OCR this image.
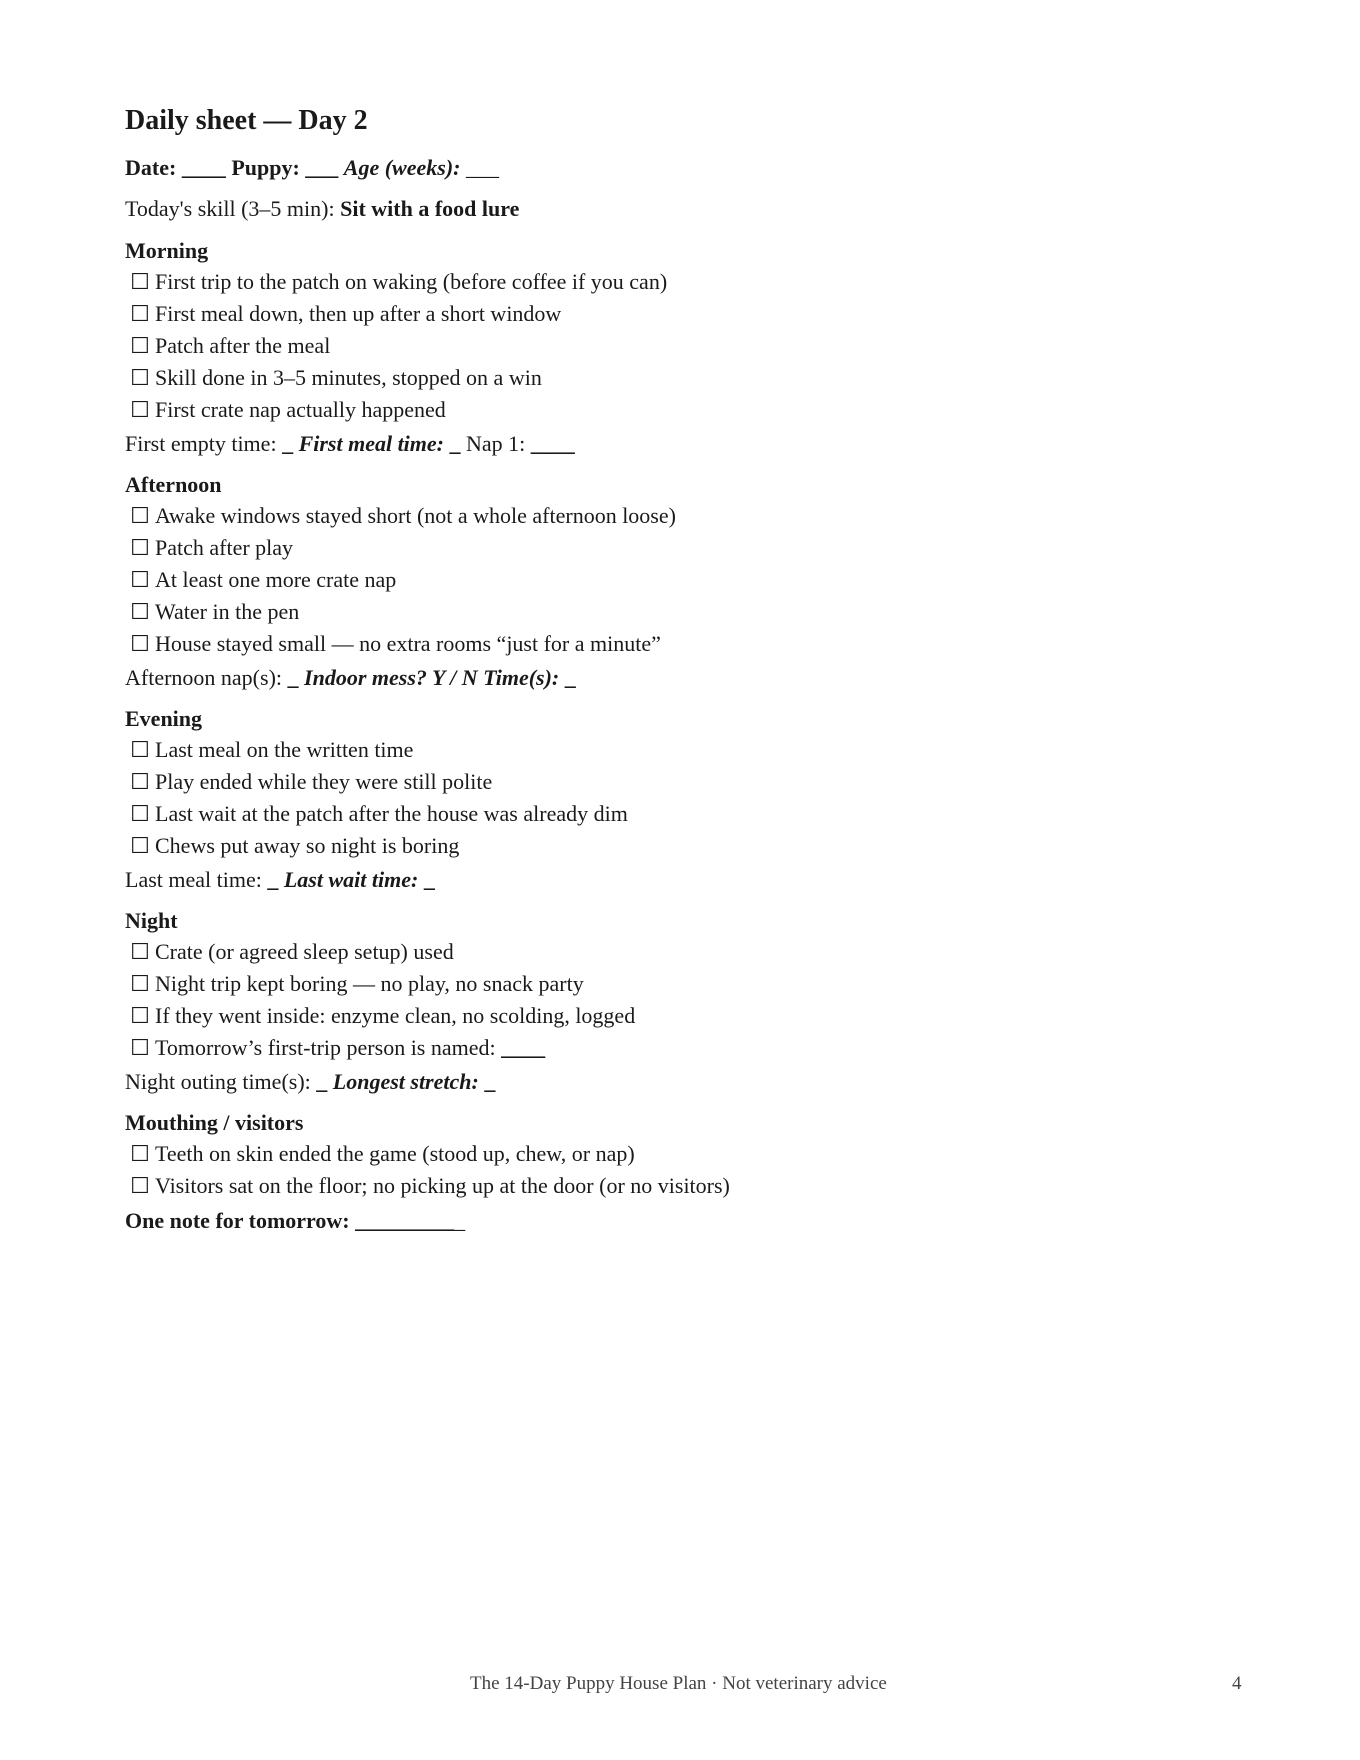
Daily sheet — Day 2
Date: ____ Puppy: ___ Age (weeks): ___
Today's skill (3–5 min): Sit with a food lure
Morning
☐ First trip to the patch on waking (before coffee if you can)
☐ First meal down, then up after a short window
☐ Patch after the meal
☐ Skill done in 3–5 minutes, stopped on a win
☐ First crate nap actually happened
First empty time: _ First meal time: _ Nap 1: ____
Afternoon
☐ Awake windows stayed short (not a whole afternoon loose)
☐ Patch after play
☐ At least one more crate nap
☐ Water in the pen
☐ House stayed small — no extra rooms “just for a minute”
Afternoon nap(s): _ Indoor mess? Y / N Time(s): _
Evening
☐ Last meal on the written time
☐ Play ended while they were still polite
☐ Last wait at the patch after the house was already dim
☐ Chews put away so night is boring
Last meal time: _ Last wait time: _
Night
☐ Crate (or agreed sleep setup) used
☐ Night trip kept boring — no play, no snack party
☐ If they went inside: enzyme clean, no scolding, logged
☐ Tomorrow’s first-trip person is named:
____
Night outing time(s): _ Longest stretch: _
Mouthing / visitors
☐ Teeth on skin ended the game (stood up, chew, or nap)
☐ Visitors sat on the floor; no picking up at the door (or no visitors)
One note for tomorrow: __________
The 14-Day Puppy House Plan · Not veterinary advice	4
